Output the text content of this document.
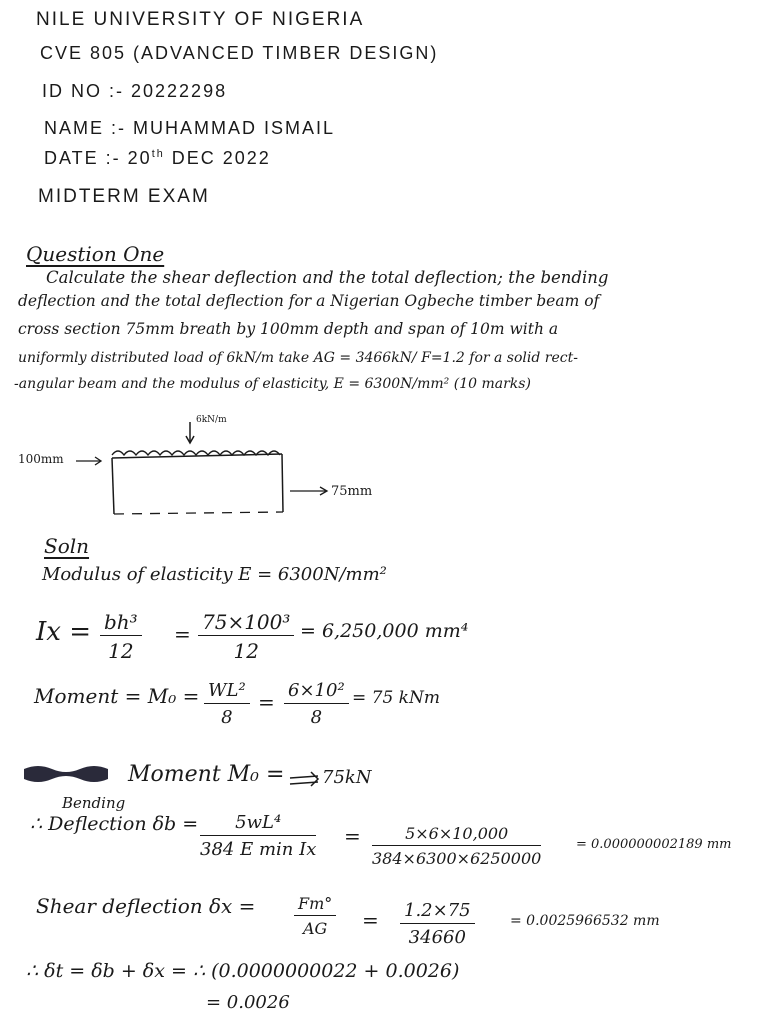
NILE UNIVERSITY OF NIGERIA
CVE 805 (ADVANCED TIMBER DESIGN)
ID NO :- 20222298
NAME :- MUHAMMAD ISMAIL
DATE :- 20th DEC 2022
MIDTERM EXAM
Question One
Calculate the shear deflection and the total deflection; the bending
deflection and the total deflection for a Nigerian Ogbeche timber beam of
cross section 75mm breath by 100mm depth and span of 10m with a
uniformly distributed load of 6kN/m take AG = 3466kN/ F=1.2 for a solid rect-
-angular beam and the modulus of elasticity, E = 6300N/mm² (10 marks)
6kN/m
100mm
75mm
Soln
Modulus of elasticity E = 6300N/mm²
$Ix = \frac{\text{bh³}}{12} = \frac{\text{75×100³}}{12} = 6,250,000$ mm⁴
Moment = $M_0 = \frac{\text{WL²}}{8} = \frac{\text{6×10²}}{8} = 75$ kNm
Moment M₀ = 75kN
Bending
∴ Deflection δb =	5wL⁴
384 E min Ix
= $\frac{5\times 6\times 10,000}{384\times 6300\times 6250000}$	= 0.000000002189 mm
Shear deflection $\delta x = \frac{Fm^\circ}{AG} = \frac{1.2\times 75}{34660}$	= 0.0025966532 mm
∴ δt = δb + δx = ∴ (0.0000000022 + 0.0026)
= 0.0026
